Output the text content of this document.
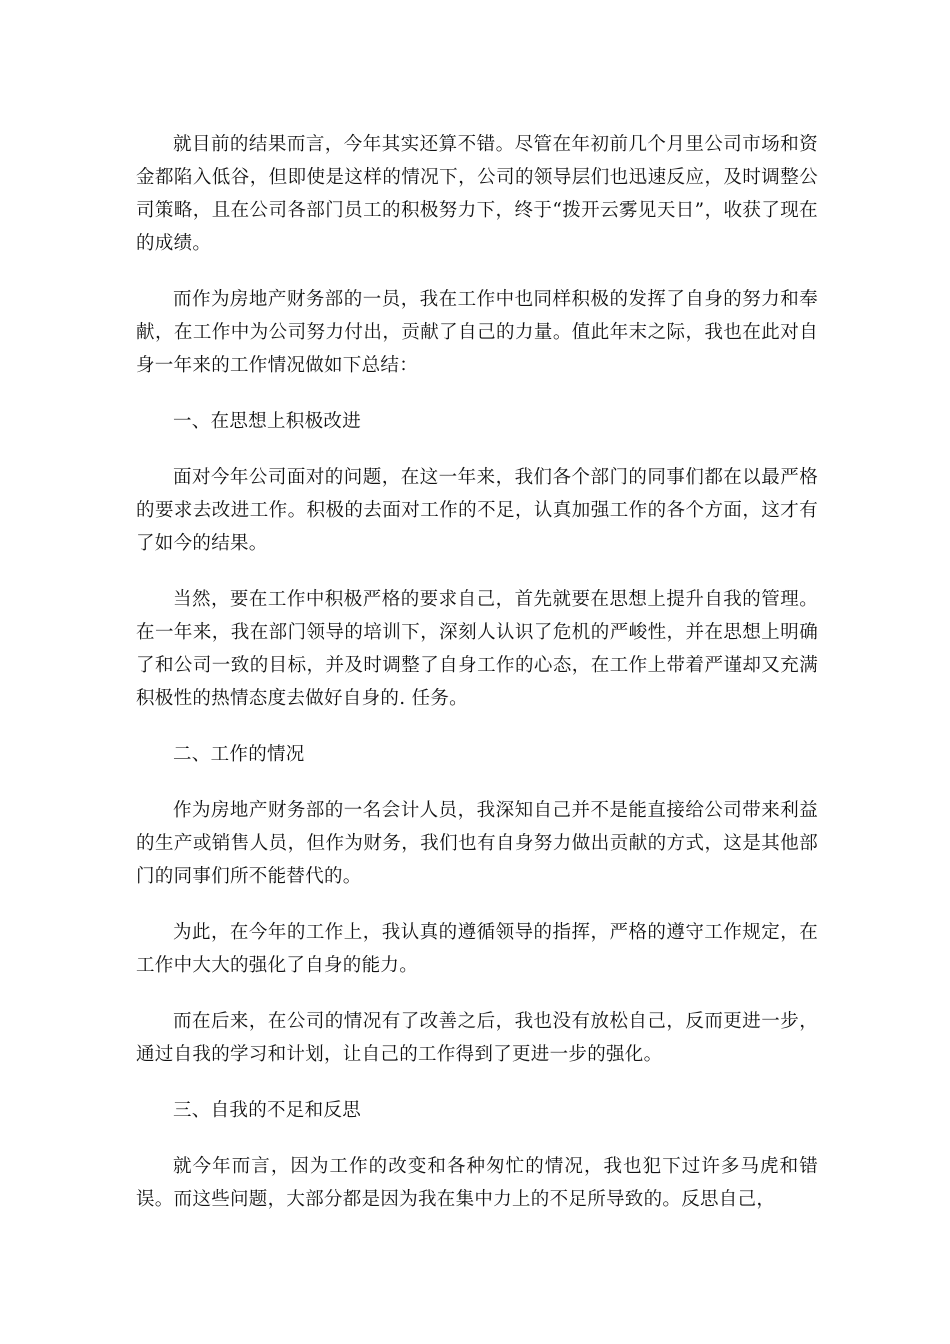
就目前的结果而言，今年其实还算不错。尽管在年初前几个月里公司市场和资金都陷入低谷，但即使是这样的情况下，公司的领导层们也迅速反应，及时调整公司策略，且在公司各部门员工的积极努力下，终于“拨开云雾见天日”，收获了现在的成绩。

而作为房地产财务部的一员，我在工作中也同样积极的发挥了自身的努力和奉献，在工作中为公司努力付出，贡献了自己的力量。值此年末之际，我也在此对自身一年来的工作情况做如下总结：

一、在思想上积极改进

面对今年公司面对的问题，在这一年来，我们各个部门的同事们都在以最严格的要求去改进工作。积极的去面对工作的不足，认真加强工作的各个方面，这才有了如今的结果。

当然，要在工作中积极严格的要求自己，首先就要在思想上提升自我的管理。在一年来，我在部门领导的培训下，深刻人认识了危机的严峻性，并在思想上明确了和公司一致的目标，并及时调整了自身工作的心态，在工作上带着严谨却又充满积极性的热情态度去做好自身的. 任务。

二、工作的情况

作为房地产财务部的一名会计人员，我深知自己并不是能直接给公司带来利益的生产或销售人员，但作为财务，我们也有自身努力做出贡献的方式，这是其他部门的同事们所不能替代的。

为此，在今年的工作上，我认真的遵循领导的指挥，严格的遵守工作规定，在工作中大大的强化了自身的能力。

而在后来，在公司的情况有了改善之后，我也没有放松自己，反而更进一步，通过自我的学习和计划，让自己的工作得到了更进一步的强化。

三、自我的不足和反思

就今年而言，因为工作的改变和各种匆忙的情况，我也犯下过许多马虎和错误。而这些问题，大部分都是因为我在集中力上的不足所导致的。反思自己，
